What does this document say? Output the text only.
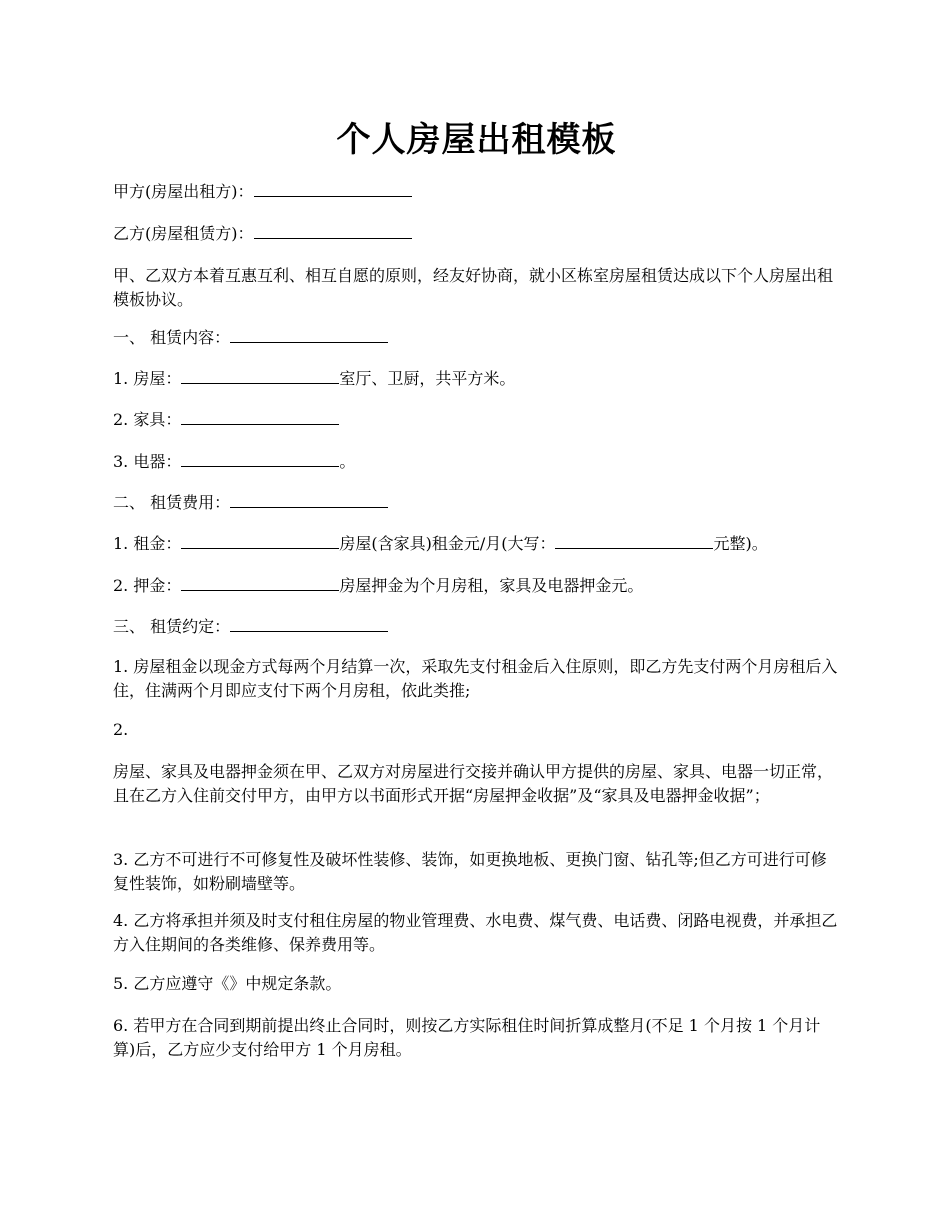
个人房屋出租模板
甲方(房屋出租方)：
乙方(房屋租赁方)：
甲、乙双方本着互惠互利、相互自愿的原则，经友好协商，就小区栋室房屋租赁达成以下个人房屋出租模板协议。
一、 租赁内容：
1. 房屋：	室厅、卫厨，共平方米。
2. 家具：
3. 电器：	。
二、 租赁费用：
1. 租金：	房屋(含家具)租金元/月(大写：	元整)。
2. 押金：	房屋押金为个月房租，家具及电器押金元。
三、 租赁约定：
1. 房屋租金以现金方式每两个月结算一次，采取先支付租金后入住原则，即乙方先支付两个月房租后入住，住满两个月即应支付下两个月房租，依此类推;
2.
房屋、家具及电器押金须在甲、乙双方对房屋进行交接并确认甲方提供的房屋、家具、电器一切正常，且在乙方入住前交付甲方，由甲方以书面形式开据“房屋押金收据”及“家具及电器押金收据”；
3. 乙方不可进行不可修复性及破坏性装修、装饰，如更换地板、更换门窗、钻孔等;但乙方可进行可修复性装饰，如粉刷墙壁等。
4. 乙方将承担并须及时支付租住房屋的物业管理费、水电费、煤气费、电话费、闭路电视费，并承担乙方入住期间的各类维修、保养费用等。
5. 乙方应遵守《》中规定条款。
6. 若甲方在合同到期前提出终止合同时，则按乙方实际租住时间折算成整月(不足 1 个月按 1 个月计算)后，乙方应少支付给甲方 1 个月房租。
